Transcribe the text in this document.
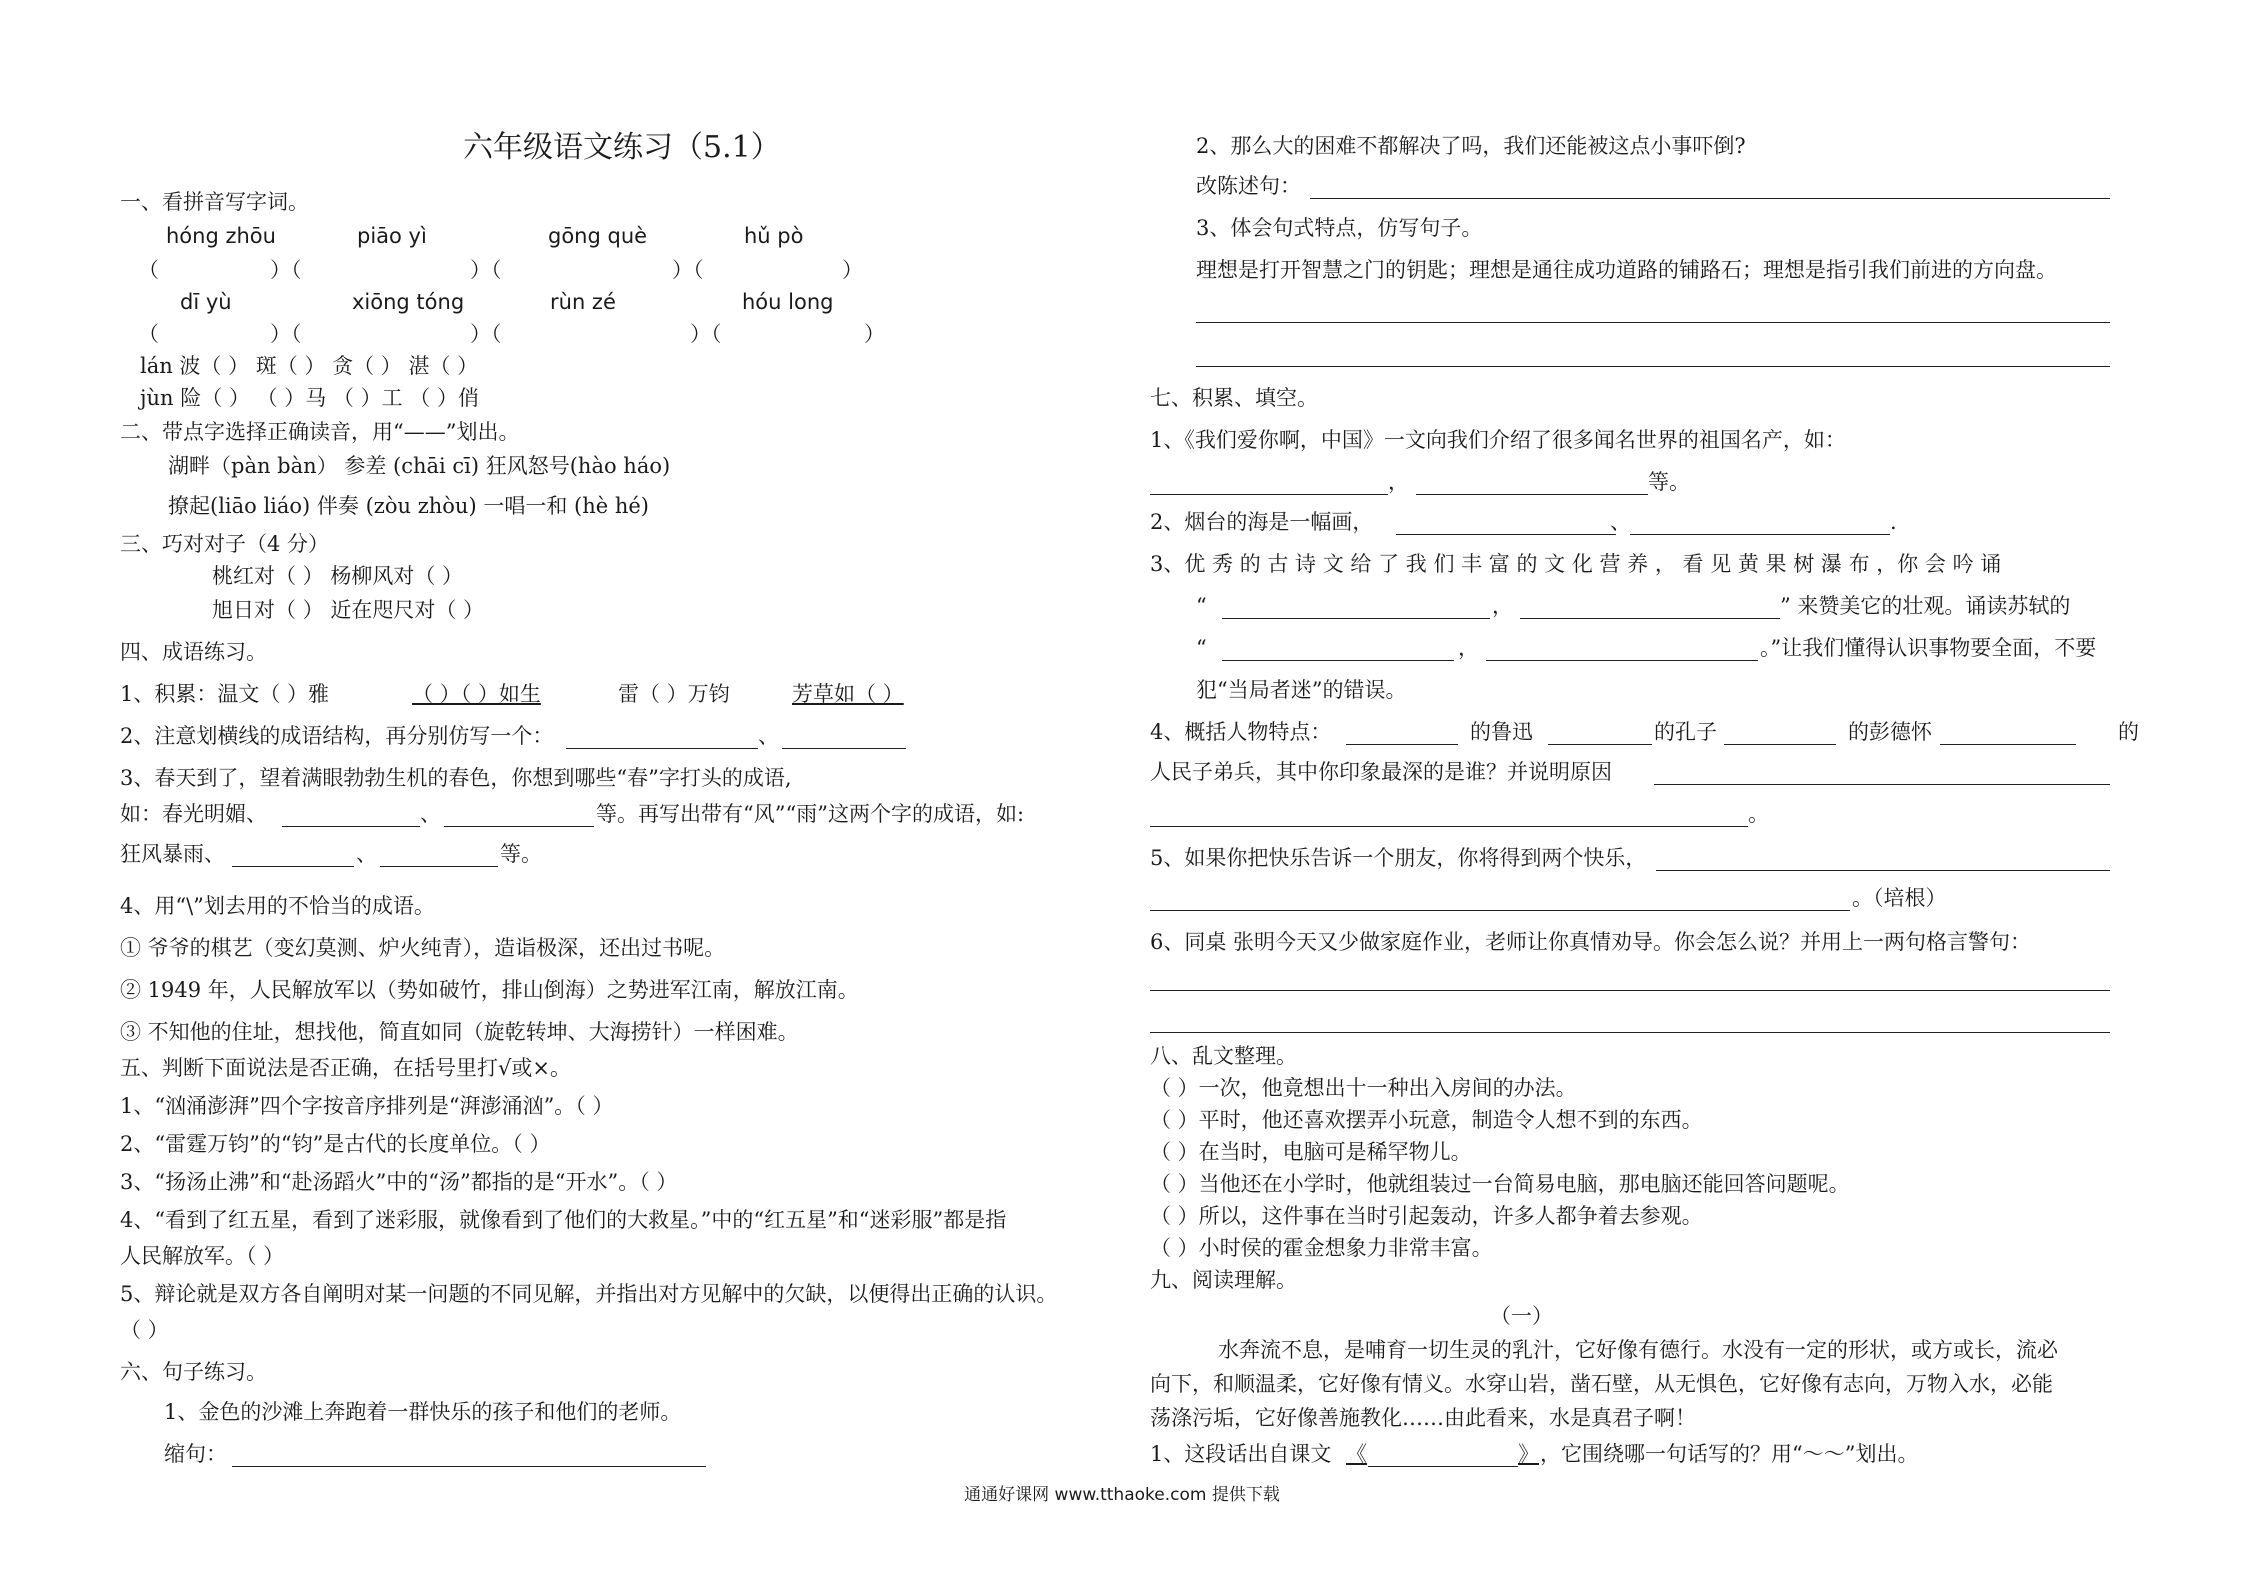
六年级语文练习（5.1）
一、看拼音写字词。
hóng zhōu	piāo yì	gōng què	hǔ pò
（	）（	）（	）（	）
dī yù	xiōng tóng	rùn zé	hóu long
（	）（	）（	）（	）
lán 波（ ） 斑（ ） 贪（ ） 湛（ ）
jùn 险（ ） （ ）马 （ ）工 （ ）俏
二、带点字选择正确读音，用“——”划出。
湖畔（pàn bàn） 参差 (chāi cī) 狂风怒号(hào háo)
撩起(liāo liáo) 伴奏 (zòu zhòu) 一唱一和 (hè hé)
三、巧对对子（4 分）
桃红对（ ） 杨柳风对（ ）
旭日对（ ） 近在咫尺对（ ）
四、成语练习。
1、积累：温文（ ）雅	（ ）（ ）如生	雷（ ）万钧	芳草如（ ）
2、注意划横线的成语结构，再分别仿写一个：	、
3、春天到了，望着满眼勃勃生机的春色，你想到哪些“春”字打头的成语,
如：春光明媚、	、	等。再写出带有“风”“雨”这两个字的成语，如:
狂风暴雨、	、	等。
4、用“\”划去用的不恰当的成语。
① 爷爷的棋艺（变幻莫测、炉火纯青），造诣极深，还出过书呢。
② 1949 年，人民解放军以（势如破竹，排山倒海）之势进军江南，解放江南。
③ 不知他的住址，想找他，简直如同（旋乾转坤、大海捞针）一样困难。
五、判断下面说法是否正确，在括号里打√或×。
1、“汹涌澎湃”四个字按音序排列是“湃澎涌汹”。（ ）
2、“雷霆万钧”的“钧”是古代的长度单位。（ ）
3、“扬汤止沸”和“赴汤蹈火”中的“汤”都指的是“开水”。（ ）
4、“看到了红五星，看到了迷彩服，就像看到了他们的大救星。”中的“红五星”和“迷彩服”都是指
人民解放军。（ ）
5、辩论就是双方各自阐明对某一问题的不同见解，并指出对方见解中的欠缺，以便得出正确的认识。
（ ）
六、句子练习。
1、金色的沙滩上奔跑着一群快乐的孩子和他们的老师。
缩句：
2、那么大的困难不都解决了吗，我们还能被这点小事吓倒?
改陈述句：
3、体会句式特点，仿写句子。
理想是打开智慧之门的钥匙；理想是通往成功道路的铺路石；理想是指引我们前进的方向盘。
七、积累、填空。
1、《我们爱你啊，中国》一文向我们介绍了很多闻名世界的祖国名产，如：
，	等。
2、烟台的海是一幅画，	、	.
3、优 秀 的 古 诗 文 给 了 我 们 丰 富 的 文 化 营 养 ， 看 见 黄 果 树 瀑 布 ，你 会 吟 诵
“	，	” 来赞美它的壮观。诵读苏轼的
“	，	。”让我们懂得认识事物要全面，不要
犯“当局者迷”的错误。
4、概括人物特点：	的鲁迅	的孔子	的彭德怀	的
人民子弟兵，其中你印象最深的是谁？并说明原因
。
5、如果你把快乐告诉一个朋友，你将得到两个快乐，
。（培根）
6、同桌 张明今天又少做家庭作业，老师让你真情劝导。你会怎么说？并用上一两句格言警句：
八、乱文整理。
（ ）一次，他竟想出十一种出入房间的办法。
（ ）平时，他还喜欢摆弄小玩意，制造令人想不到的东西。
（ ）在当时，电脑可是稀罕物儿。
（ ）当他还在小学时，他就组装过一台简易电脑，那电脑还能回答问题呢。
（ ）所以，这件事在当时引起轰动，许多人都争着去参观。
（ ）小时侯的霍金想象力非常丰富。
九、阅读理解。
（一）
水奔流不息，是哺育一切生灵的乳汁，它好像有德行。水没有一定的形状，或方或长，流必
向下，和顺温柔，它好像有情义。水穿山岩，凿石壁，从无惧色，它好像有志向，万物入水，必能
荡涤污垢，它好像善施教化……由此看来，水是真君子啊！
1、这段话出自课文 《	》 ，它围绕哪一句话写的？用“～～”划出。
通通好课网 www.tthaoke.com 提供下载
